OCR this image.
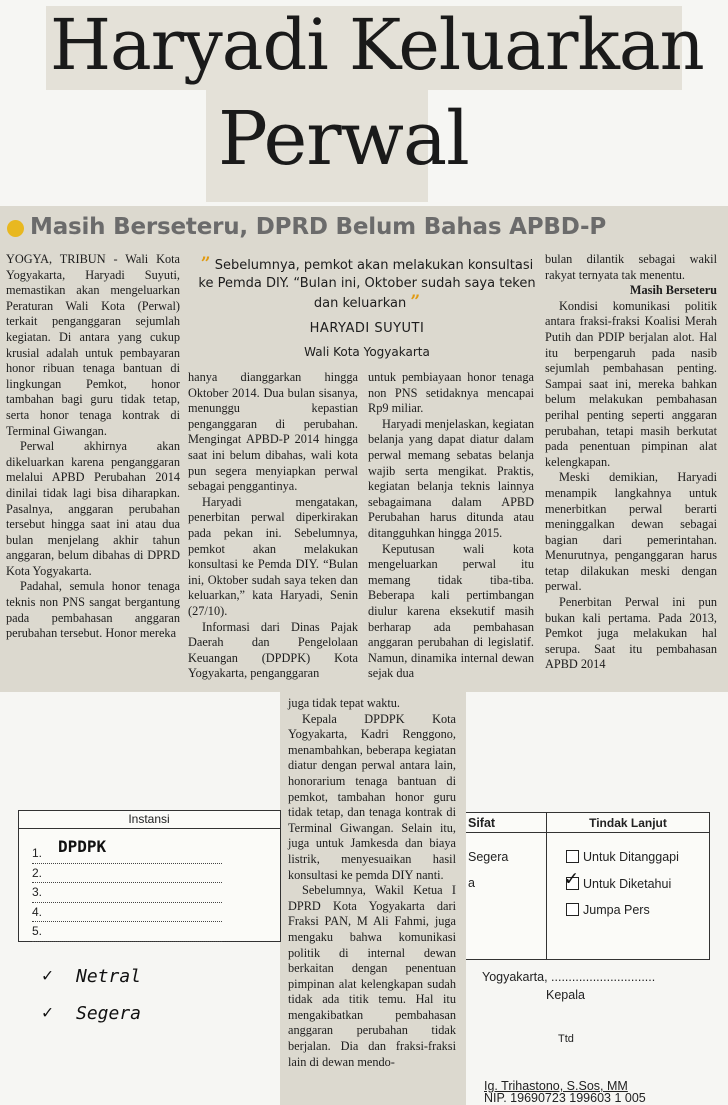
Haryadi Keluarkan
Perwal
Masih Berseteru, DPRD Belum Bahas APBD-P
” Sebelumnya, pemkot akan melakukan konsultasi ke Pemda DIY. “Bulan ini, Oktober sudah saya teken dan keluarkan ”
HARYADI SUYUTI
Wali Kota Yogyakarta

YOGYA, TRIBUN - Wali Kota Yogyakarta, Haryadi Suyuti, memastikan akan mengeluarkan Peraturan Wali Kota (Perwal) terkait penganggaran sejumlah kegiatan. Di antara yang cukup krusial adalah untuk pembayaran honor ribuan tenaga bantuan di lingkungan Pemkot, honor tambahan bagi guru tidak tetap, serta honor tenaga kontrak di Terminal Giwangan.

Perwal akhirnya akan dikeluarkan karena penganggaran melalui APBD Perubahan 2014 dinilai tidak lagi bisa diharapkan. Pasalnya, anggaran perubahan tersebut hingga saat ini atau dua bulan menjelang akhir tahun anggaran, belum dibahas di DPRD Kota Yogyakarta.

Padahal, semula honor tenaga teknis non PNS sangat bergantung pada pembahasan anggaran perubahan tersebut. Honor mereka

hanya dianggarkan hingga Oktober 2014. Dua bulan sisanya, menunggu kepastian penganggaran di perubahan. Mengingat APBD-P 2014 hingga saat ini belum dibahas, wali kota pun segera menyiapkan perwal sebagai penggantinya.

Haryadi mengatakan, penerbitan perwal diperkirakan pada pekan ini. Sebelumnya, pemkot akan melakukan konsultasi ke Pemda DIY. “Bulan ini, Oktober sudah saya teken dan keluarkan,” kata Haryadi, Senin (27/10).

Informasi dari Dinas Pajak Daerah dan Pengelolaan Keuangan (DPDPK) Kota Yogyakarta, penganggaran

untuk pembiayaan honor tenaga non PNS setidaknya mencapai Rp9 miliar.

Haryadi menjelaskan, kegiatan belanja yang dapat diatur dalam perwal memang sebatas belanja wajib serta mengikat. Praktis, kegiatan belanja teknis lainnya sebagaimana dalam APBD Perubahan harus ditunda atau ditangguhkan hingga 2015.

Keputusan wali kota mengeluarkan perwal itu memang tidak tiba-tiba. Beberapa kali pertimbangan diulur karena eksekutif masih berharap ada pembahasan anggaran perubahan di legislatif. Namun, dinamika internal dewan sejak dua

bulan dilantik sebagai wakil rakyat ternyata tak menentu.

Masih Berseteru

Kondisi komunikasi politik antara fraksi-fraksi Koalisi Merah Putih dan PDIP berjalan alot. Hal itu berpengaruh pada nasib sejumlah pembahasan penting. Sampai saat ini, mereka bahkan belum melakukan pembahasan perihal penting seperti anggaran perubahan, tetapi masih berkutat pada penentuan pimpinan alat kelengkapan.

Meski demikian, Haryadi menampik langkahnya untuk menerbitkan perwal berarti meninggalkan dewan sebagai bagian dari pemerintahan. Menurutnya, penganggaran harus tetap dilakukan meski dengan perwal.

Penerbitan Perwal ini pun bukan kali pertama. Pada 2013, Pemkot juga melakukan hal serupa. Saat itu pembahasan APBD 2014

Instansi
1.
2.
3.
4.
5.
DPDPK
Sifat
Segera
a
Tindak Lanjut
Untuk Ditanggapi
✓ Untuk Diketahui
Jumpa Pers
✓ Netral
✓ Segera
Yogyakarta, ..............................
Kepala
Ttd
Ig. Trihastono, S.Sos, MM
NIP. 19690723 199603 1 005

juga tidak tepat waktu.

Kepala DPDPK Kota Yogyakarta, Kadri Renggono, menambahkan, beberapa kegiatan diatur dengan perwal antara lain, honorarium tenaga bantuan di pemkot, tambahan honor guru tidak tetap, dan tenaga kontrak di Terminal Giwangan. Selain itu, juga untuk Jamkesda dan biaya listrik, menyesuaikan hasil konsultasi ke pemda DIY nanti.

Sebelumnya, Wakil Ketua I DPRD Kota Yogyakarta dari Fraksi PAN, M Ali Fahmi, juga mengaku bahwa komunikasi politik di internal dewan berkaitan dengan penentuan pimpinan alat kelengkapan sudah tidak ada titik temu. Hal itu mengakibatkan pembahasan anggaran perubahan tidak berjalan. Dia dan fraksi-fraksi lain di dewan mendo-
